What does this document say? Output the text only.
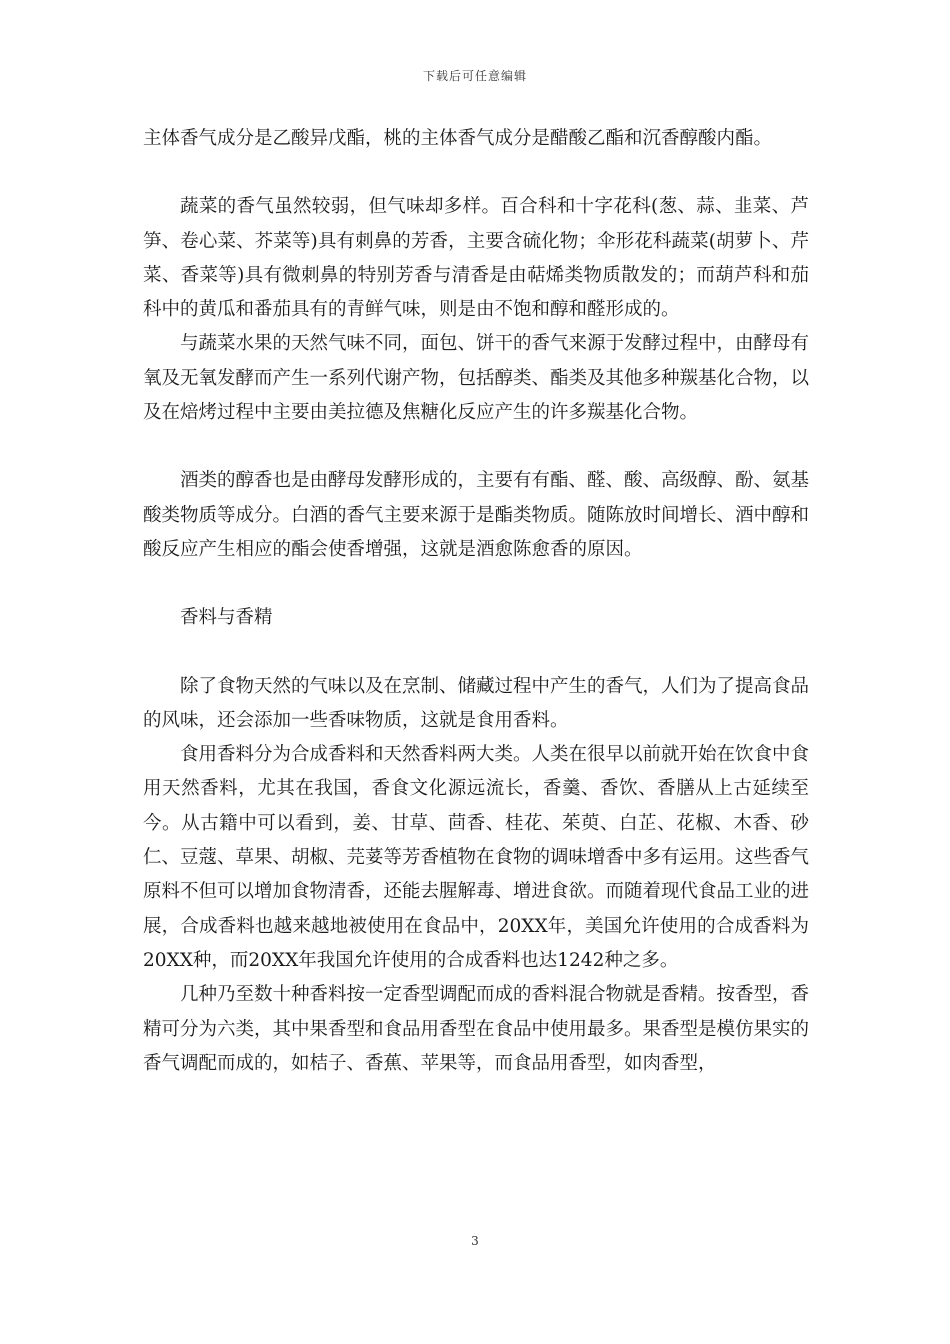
下载后可任意编辑

主体香气成分是乙酸异戊酯，桃的主体香气成分是醋酸乙酯和沉香醇酸内酯。

蔬菜的香气虽然较弱，但气味却多样。百合科和十字花科(葱、蒜、韭菜、芦笋、卷心菜、芥菜等)具有刺鼻的芳香，主要含硫化物；伞形花科蔬菜(胡萝卜、芹菜、香菜等)具有微刺鼻的特别芳香与清香是由萜烯类物质散发的；而葫芦科和茄科中的黄瓜和番茄具有的青鲜气味，则是由不饱和醇和醛形成的。

与蔬菜水果的天然气味不同，面包、饼干的香气来源于发酵过程中，由酵母有氧及无氧发酵而产生一系列代谢产物，包括醇类、酯类及其他多种羰基化合物，以及在焙烤过程中主要由美拉德及焦糖化反应产生的许多羰基化合物。

酒类的醇香也是由酵母发酵形成的，主要有有酯、醛、酸、高级醇、酚、氨基酸类物质等成分。白酒的香气主要来源于是酯类物质。随陈放时间增长、酒中醇和酸反应产生相应的酯会使香增强，这就是酒愈陈愈香的原因。

香料与香精

除了食物天然的气味以及在烹制、储藏过程中产生的香气，人们为了提高食品的风味，还会添加一些香味物质，这就是食用香料。

食用香料分为合成香料和天然香料两大类。人类在很早以前就开始在饮食中食用天然香料，尤其在我国，香食文化源远流长，香羹、香饮、香膳从上古延续至今。从古籍中可以看到，姜、甘草、茴香、桂花、茱萸、白芷、花椒、木香、砂仁、豆蔻、草果、胡椒、芫荽等芳香植物在食物的调味增香中多有运用。这些香气原料不但可以增加食物清香，还能去腥解毒、增进食欲。而随着现代食品工业的进展，合成香料也越来越地被使用在食品中，20XX年，美国允许使用的合成香料为20XX种，而20XX年我国允许使用的合成香料也达1242种之多。

几种乃至数十种香料按一定香型调配而成的香料混合物就是香精。按香型，香精可分为六类，其中果香型和食品用香型在食品中使用最多。果香型是模仿果实的香气调配而成的，如桔子、香蕉、苹果等，而食品用香型，如肉香型，

3
